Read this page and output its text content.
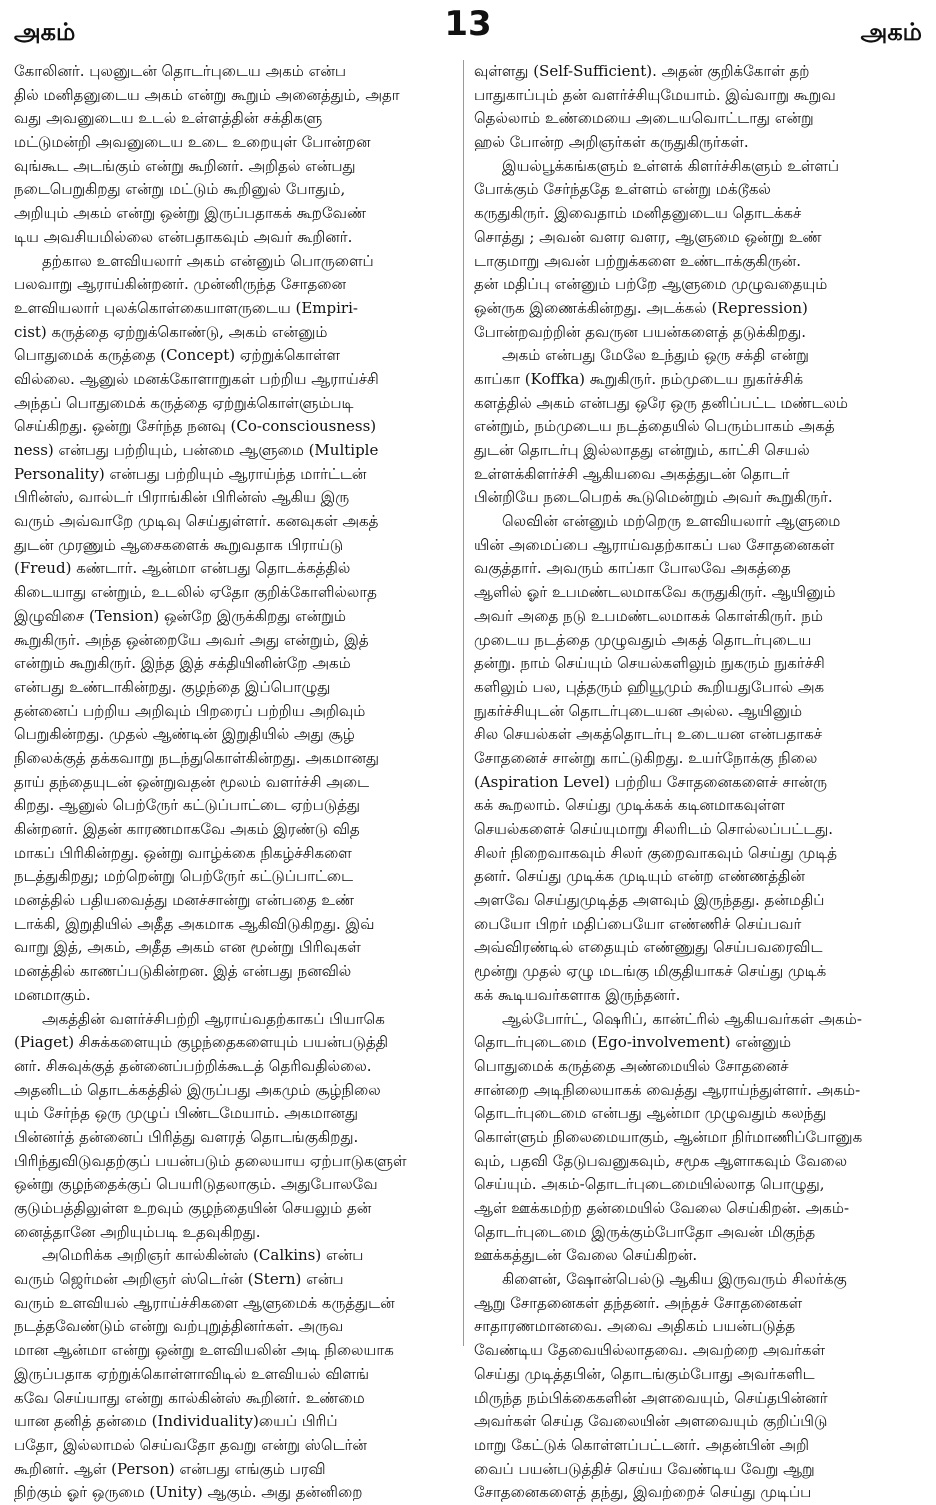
அகம்	13	அகம்
கோலினர். புலனுடன் தொடர்புடைய அகம் என்ப
தில் மனிதனுடைய அகம் என்று கூறும் அனைத்தும், அதா
வது அவனுடைய உடல் உள்ளத்தின் சக்திகளு
மட்டுமன்றி அவனுடைய உடை உறையுள் போன்றன
வுங்கூட அடங்கும் என்று கூறினர். அறிதல் என்பது
நடைபெறுகிறது என்று மட்டும் கூறினுல் போதும்,
அறியும் அகம் என்று ஒன்று இருப்பதாகக் கூறவேண்
டிய அவசியமில்லை என்பதாகவும் அவர் கூறினர்.
தற்கால உளவியலார் அகம் என்னும் பொருளைப்
பலவாறு ஆராய்கின்றனர். முன்னிருந்த சோதனை
உளவியலார் புலக்கொள்கையாளருடைய (Empiri-
cist) கருத்தை ஏற்றுக்கொண்டு, அகம் என்னும்
பொதுமைக் கருத்தை (Concept) ஏற்றுக்கொள்ள
வில்லை. ஆனுல் மனக்கோளாறுகள் பற்றிய ஆராய்ச்சி
அந்தப் பொதுமைக் கருத்தை ஏற்றுக்கொள்ளும்படி
செய்கிறது. ஒன்று சேர்ந்த நனவு (Co-consciousness)
ness) என்பது பற்றியும், பன்மை ஆளுமை (Multiple
Personality) என்பது பற்றியும் ஆராய்ந்த மார்ட்டன்
பிரின்ஸ், வால்டர் பிராங்கின் பிரின்ஸ் ஆகிய இரு
வரும் அவ்வாறே முடிவு செய்துள்ளர். கனவுகள் அகத்
துடன் முரணும் ஆசைகளைக் கூறுவதாக பிராய்டு
(Freud) கண்டார். ஆன்மா என்பது தொடக்கத்தில்
கிடையாது என்றும், உடலில் ஏதோ குறிக்கோளில்லாத
இழுவிசை (Tension) ஒன்றே இருக்கிறது என்றும்
கூறுகிருர். அந்த ஒன்றையே அவர் அது என்றும், இத்
என்றும் கூறுகிருர். இந்த இத் சக்தியினின்றே அகம்
என்பது உண்டாகின்றது. குழந்தை இப்பொழுது
தன்னைப் பற்றிய அறிவும் பிறரைப் பற்றிய அறிவும்
பெறுகின்றது. முதல் ஆண்டின் இறுதியில் அது சூழ்
நிலைக்குத் தக்கவாறு நடந்துகொள்கின்றது. அகமானது
தாய் தந்தையுடன் ஒன்றுவதன் மூலம் வளர்ச்சி அடை
கிறது. ஆனுல் பெற்ருேர் கட்டுப்பாட்டை ஏற்படுத்து
கின்றனர். இதன் காரணமாகவே அகம் இரண்டு வித
மாகப் பிரிகின்றது. ஒன்று வாழ்க்கை நிகழ்ச்சிகளை
நடத்துகிறது; மற்றென்று பெற்ருேர் கட்டுப்பாட்டை
மனத்தில் பதியவைத்து மனச்சான்று என்பதை உண்
டாக்கி, இறுதியில் அதீத அகமாக ஆகிவிடுகிறது. இவ்
வாறு இத், அகம், அதீத அகம் என மூன்று பிரிவுகள்
மனத்தில் காணப்படுகின்றன. இத் என்பது நனவில்
மனமாகும்.
அகத்தின் வளர்ச்சிபற்றி ஆராய்வதற்காகப் பியாகெ
(Piaget) சிசுக்களையும் குழந்தைகளையும் பயன்படுத்தி
னர். சிசுவுக்குத் தன்னைப்பற்றிக்கூடத் தெரிவதில்லை.
அதனிடம் தொடக்கத்தில் இருப்பது அகமும் சூழ்நிலை
யும் சேர்ந்த ஒரு முழுப் பிண்டமேயாம். அகமானது
பின்னர்த் தன்னைப் பிரித்து வளரத் தொடங்குகிறது.
பிரிந்துவிடுவதற்குப் பயன்படும் தலையாய ஏற்பாடுகளுள்
ஒன்று குழந்தைக்குப் பெயரிடுதலாகும். அதுபோலவே
குடும்பத்திலுள்ள உறவும் குழந்தையின் செயலும் தன்
னைத்தானே அறியும்படி உதவுகிறது.
அமெரிக்க அறிஞர் கால்கின்ஸ் (Calkins) என்ப
வரும் ஜெர்மன் அறிஞர் ஸ்டெர்ன் (Stern) என்ப
வரும் உளவியல் ஆராய்ச்சிகளை ஆளுமைக் கருத்துடன்
நடத்தவேண்டும் என்று வற்புறுத்தினர்கள். அருவ
மான ஆன்மா என்று ஒன்று உளவியலின் அடி நிலையாக
இருப்பதாக ஏற்றுக்கொள்ளாவிடில் உளவியல் விளங்
கவே செய்யாது என்று கால்கின்ஸ் கூறினர். உண்மை
யான தனித் தன்மை (Individuality)யைப் பிரிப்
பதோ, இல்லாமல் செய்வதோ தவறு என்று ஸ்டெர்ன்
கூறினர். ஆள் (Person) என்பது எங்கும் பரவி
நிற்கும் ஓர் ஒருமை (Unity) ஆகும். அது தன்னிறை
வுள்ளது (Self-Sufficient). அதன் குறிக்கோள் தற்
பாதுகாப்பும் தன் வளர்ச்சியுமேயாம். இவ்வாறு கூறுவ
தெல்லாம் உண்மையை அடையவொட்டாது என்று
ஹல் போன்ற அறிஞர்கள் கருதுகிருர்கள்.
இயல்பூக்கங்களும் உள்ளக் கிளர்ச்சிகளும் உள்ளப்
போக்கும் சேர்ந்ததே உள்ளம் என்று மக்டூகல்
கருதுகிருர். இவைதாம் மனிதனுடைய தொடக்கச்
சொத்து ; அவன் வளர வளர, ஆளுமை ஒன்று உண்
டாகுமாறு அவன் பற்றுக்களை உண்டாக்குகிருன்.
தன் மதிப்பு என்னும் பற்றே ஆளுமை முழுவதையும்
ஒன்ருக இணைக்கின்றது. அடக்கல் (Repression)
போன்றவற்றின் தவருன பயன்களைத் தடுக்கிறது.
அகம் என்பது மேலே உந்தும் ஒரு சக்தி என்று
காப்கா (Koffka) கூறுகிருர். நம்முடைய நுகர்ச்சிக்
களத்தில் அகம் என்பது ஒரே ஒரு தனிப்பட்ட மண்டலம்
என்றும், நம்முடைய நடத்தையில் பெரும்பாகம் அகத்
துடன் தொடர்பு இல்லாதது என்றும், காட்சி செயல்
உள்ளக்கிளர்ச்சி ஆகியவை அகத்துடன் தொடர்
பின்றியே நடைபெறக் கூடுமென்றும் அவர் கூறுகிருர்.
லெவின் என்னும் மற்றெரு உளவியலார் ஆளுமை
யின் அமைப்பை ஆராய்வதற்காகப் பல சோதனைகள்
வகுத்தார். அவரும் காப்கா போலவே அகத்தை
ஆளில் ஓர் உபமண்டலமாகவே கருதுகிருர். ஆயினும்
அவர் அதை நடு உபமண்டலமாகக் கொள்கிருர். நம்
முடைய நடத்தை முழுவதும் அகத் தொடர்புடைய
தன்று. நாம் செய்யும் செயல்களிலும் நுகரும் நுகர்ச்சி
களிலும் பல, புத்தரும் ஹியூமும் கூறியதுபோல் அக
நுகர்ச்சியுடன் தொடர்புடையன அல்ல. ஆயினும்
சில செயல்கள் அகத்தொடர்பு உடையன என்பதாகச்
சோதனைச் சான்று காட்டுகிறது. உயர்நோக்கு நிலை
(Aspiration Level) பற்றிய சோதனைகளைச் சான்ரு
கக் கூறலாம். செய்து முடிக்கக் கடினமாகவுள்ள
செயல்களைச் செய்யுமாறு சிலரிடம் சொல்லப்பட்டது.
சிலர் நிறைவாகவும் சிலர் குறைவாகவும் செய்து முடித்
தனர். செய்து முடிக்க முடியும் என்ற எண்ணத்தின்
அளவே செய்துமுடித்த அளவும் இருந்தது. தன்மதிப்
பையோ பிறர் மதிப்பையோ எண்ணிச் செய்பவர்
அவ்விரண்டில் எதையும் எண்ணுது செய்பவரைவிட
மூன்று முதல் ஏழு மடங்கு மிகுதியாகச் செய்து முடிக்
கக் கூடியவர்களாக இருந்தனர்.
ஆல்போர்ட், ஷெரிப், கான்ட்ரில் ஆகியவர்கள் அகம்-
தொடர்புடைமை (Ego-involvement) என்னும்
பொதுமைக் கருத்தை அண்மையில் சோதனைச்
சான்றை அடிநிலையாகக் வைத்து ஆராய்ந்துள்ளர். அகம்-
தொடர்புடைமை என்பது ஆன்மா முழுவதும் கலந்து
கொள்ளும் நிலைமையாகும், ஆன்மா நிர்மாணிப்போனுக
வும், பதவி தேடுபவனுகவும், சமூக ஆளாகவும் வேலை
செய்யும். அகம்-தொடர்புடைமையில்லாத பொழுது,
ஆள் ஊக்கமற்ற தன்மையில் வேலை செய்கிறன். அகம்-
தொடர்புடைமை இருக்கும்போதோ அவன் மிகுந்த
ஊக்கத்துடன் வேலை செய்கிறன்.
கிளைன், ஷோன்பெல்டு ஆகிய இருவரும் சிலர்க்கு
ஆறு சோதனைகள் தந்தனர். அந்தச் சோதனைகள்
சாதாரணமானவை. அவை அதிகம் பயன்படுத்த
வேண்டிய தேவையில்லாதவை. அவற்றை அவர்கள்
செய்து முடித்தபின், தொடங்கும்போது அவர்களிட
மிருந்த நம்பிக்கைகளின் அளவையும், செய்தபின்னர்
அவர்கள் செய்த வேலையின் அளவையும் குறிப்பிடு
மாறு கேட்டுக் கொள்ளப்பட்டனர். அதன்பின் அறி
வைப் பயன்படுத்திச் செய்ய வேண்டிய வேறு ஆறு
சோதனைகளைத் தந்து, இவற்றைச் செய்து முடிப்ப
